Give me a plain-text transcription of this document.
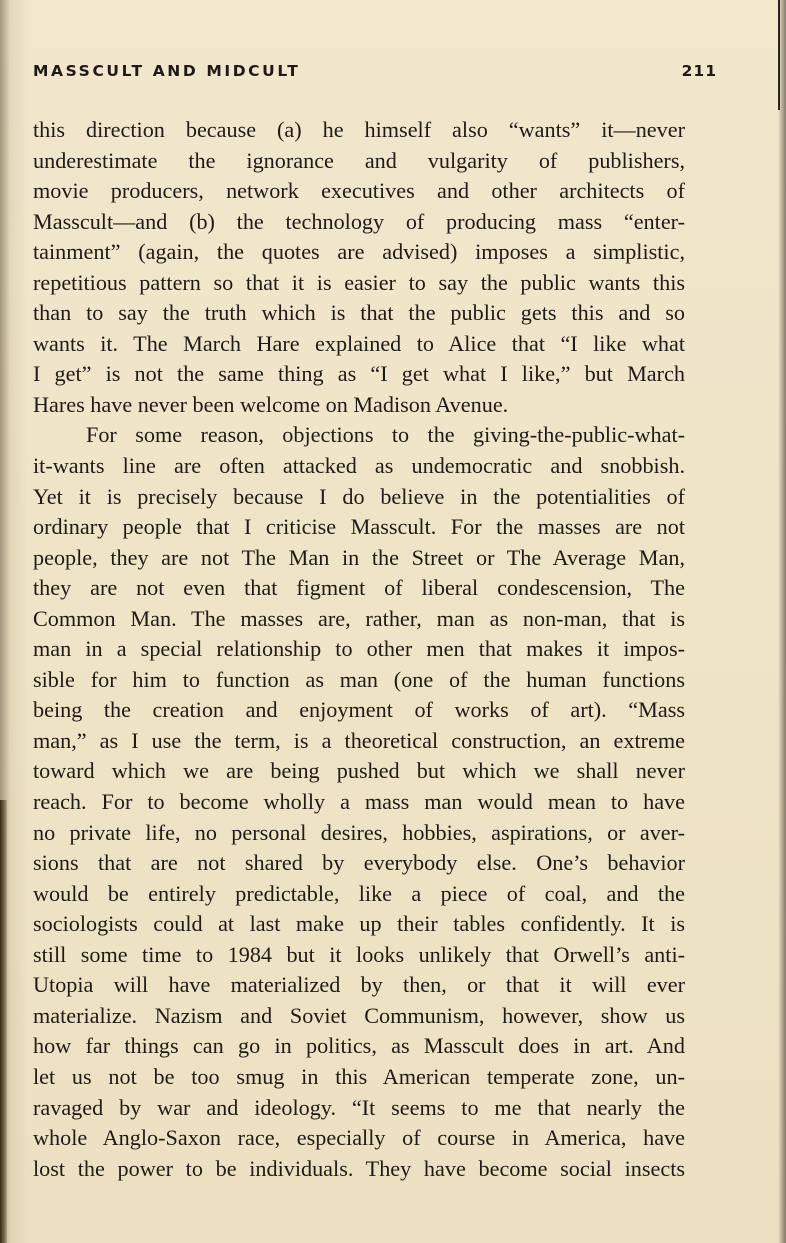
MASSCULT AND MIDCULT	211
this direction because (a) he himself also “wants” it—never
underestimate the ignorance and vulgarity of publishers,
movie producers, network executives and other architects of
Masscult—and (b) the technology of producing mass “enter-
tainment” (again, the quotes are advised) imposes a simplistic,
repetitious pattern so that it is easier to say the public wants this
than to say the truth which is that the public gets this and so
wants it. The March Hare explained to Alice that “I like what
I get” is not the same thing as “I get what I like,” but March
Hares have never been welcome on Madison Avenue.
For some reason, objections to the giving-the-public-what-
it-wants line are often attacked as undemocratic and snobbish.
Yet it is precisely because I do believe in the potentialities of
ordinary people that I criticise Masscult. For the masses are not
people, they are not The Man in the Street or The Average Man,
they are not even that figment of liberal condescension, The
Common Man. The masses are, rather, man as non-man, that is
man in a special relationship to other men that makes it impos-
sible for him to function as man (one of the human functions
being the creation and enjoyment of works of art). “Mass
man,” as I use the term, is a theoretical construction, an extreme
toward which we are being pushed but which we shall never
reach. For to become wholly a mass man would mean to have
no private life, no personal desires, hobbies, aspirations, or aver-
sions that are not shared by everybody else. One’s behavior
would be entirely predictable, like a piece of coal, and the
sociologists could at last make up their tables confidently. It is
still some time to 1984 but it looks unlikely that Orwell’s anti-
Utopia will have materialized by then, or that it will ever
materialize. Nazism and Soviet Communism, however, show us
how far things can go in politics, as Masscult does in art. And
let us not be too smug in this American temperate zone, un-
ravaged by war and ideology. “It seems to me that nearly the
whole Anglo-Saxon race, especially of course in America, have
lost the power to be individuals. They have become social insects
